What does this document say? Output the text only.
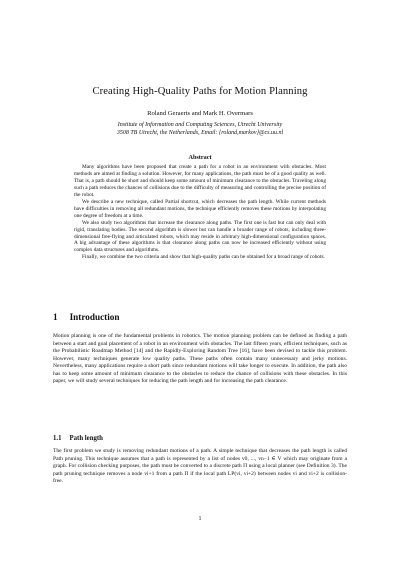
Creating High-Quality Paths for Motion Planning
Roland Geraerts and Mark H. Overmars
Institute of Information and Computing Sciences, Utrecht University
3508 TB Utrecht, the Netherlands, Email: {roland,markov}@cs.uu.nl
Abstract

Many algorithms have been proposed that create a path for a robot in an environment with obstacles. Most methods are aimed at finding a solution. However, for many applications, the path must be of a good quality as well. That is, a path should be short and should keep some amount of minimum clearance to the obstacles. Traveling along such a path reduces the chances of collisions due to the difficulty of measuring and controlling the precise position of the robot.

We describe a new technique, called Partial shortcut, which decreases the path length. While current methods have difficulties in removing all redundant motions, the technique efficiently removes these motions by interpolating one degree of freedom at a time.

We also study two algorithms that increase the clearance along paths. The first one is fast but can only deal with rigid, translating bodies. The second algorithm is slower but can handle a broader range of robots, including three-dimensional free-flying and articulated robots, which may reside in arbitrary high-dimensional configuration spaces. A big advantage of these algorithms is that clearance along paths can now be increased efficiently without using complex data structures and algorithms.

Finally, we combine the two criteria and show that high-quality paths can be obtained for a broad range of robots.

1 Introduction

Motion planning is one of the fundamental problems in robotics. The motion planning problem can be defined as finding a path between a start and goal placement of a robot in an environment with obstacles. The last fifteen years, efficient techniques, such as the Probabilistic Roadmap Method [14] and the Rapidly-Exploring Random Tree [16], have been devised to tackle this problem. However, many techniques generate low quality paths. These paths often contain many unnecessary and jerky motions. Nevertheless, many applications require a short path since redundant motions will take longer to execute. In addition, the path also has to keep some amount of minimum clearance to the obstacles to reduce the chance of collisions with these obstacles. In this paper, we will study several techniques for reducing the path length and for increasing the path clearance.

1.1 Path length

The first problem we study is removing redundant motions of a path. A simple technique that decreases the path length is called Path pruning. This technique assumes that a path is represented by a list of nodes v0, ..., vn−1 ∈ V which may originate from a graph. For collision checking purposes, the path must be converted to a discrete path Π using a local planner (see Definition 3). The path pruning technique removes a node vi+1 from a path Π if the local path LP(vi, vi+2) between nodes vi and vi+2 is collision-free.

1
